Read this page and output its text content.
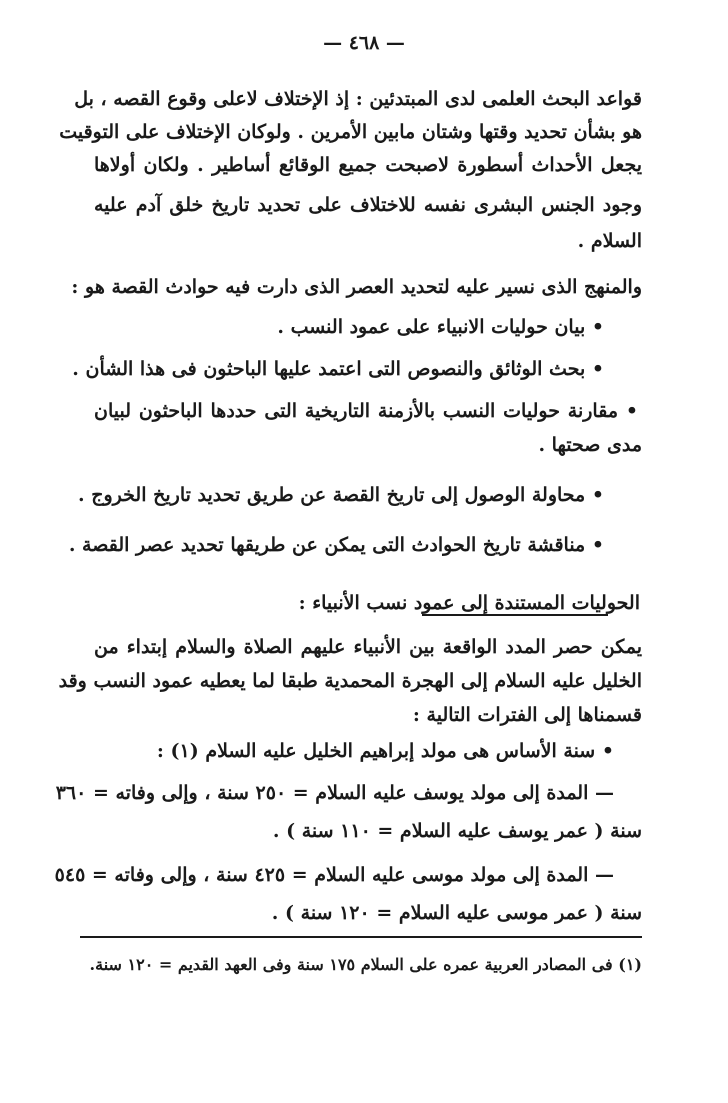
— ٤٦٨ —
قواعد البحث العلمى لدى المبتدئين : إذ الإختلاف لاعلى وقوع القصه ، بل
هو بشأن تحديد وقتها وشتان مابين الأمرين . ولوكان الإختلاف على التوقيت
يجعل الأحداث أسطورة لاصبحت جميع الوقائع أساطير . ولكان أولاها
وجود الجنس البشرى نفسه للاختلاف على تحديد تاريخ خلق آدم عليه
السلام .
والمنهج الذى نسير عليه لتحديد العصر الذى دارت فيه حوادث القصة هو :
• بيان حوليات الانبياء على عمود النسب .
• بحث الوثائق والنصوص التى اعتمد عليها الباحثون فى هذا الشأن .
• مقارنة حوليات النسب بالأزمنة التاريخية التى حددها الباحثون لبيان
مدى صحتها .
• محاولة الوصول إلى تاريخ القصة عن طريق تحديد تاريخ الخروج .
• مناقشة تاريخ الحوادث التى يمكن عن طريقها تحديد عصر القصة .
الحوليات المستندة إلى عمود نسب الأنبياء :
يمكن حصر المدد الواقعة بين الأنبياء عليهم الصلاة والسلام إبتداء من
الخليل عليه السلام إلى الهجرة المحمدية طبقا لما يعطيه عمود النسب وقد
قسمناها إلى الفترات التالية :
• سنة الأساس هى مولد إبراهيم الخليل عليه السلام (١) :
— المدة إلى مولد يوسف عليه السلام = ٢٥٠ سنة ، وإلى وفاته = ٣٦٠
سنة ( عمر يوسف عليه السلام = ١١٠ سنة ) .
— المدة إلى مولد موسى عليه السلام = ٤٢٥ سنة ، وإلى وفاته = ٥٤٥
سنة ( عمر موسى عليه السلام = ١٢٠ سنة ) .
(١) فى المصادر العربية عمره على السلام ١٧٥ سنة وفى العهد القديم = ١٢٠ سنة.
